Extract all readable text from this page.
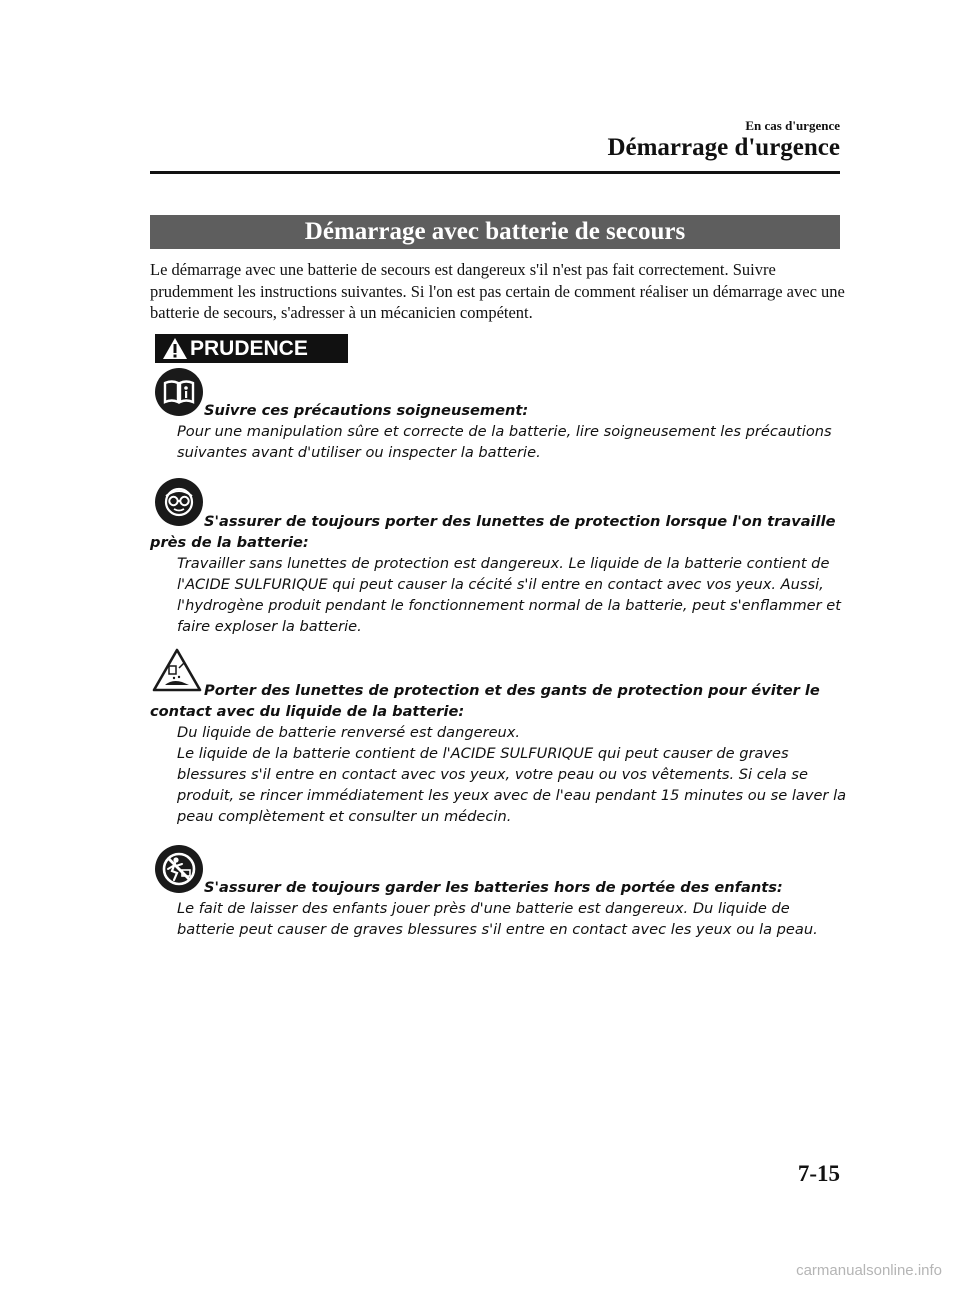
En cas d'urgence
Démarrage d'urgence
Démarrage avec batterie de secours
Le démarrage avec une batterie de secours est dangereux s'il n'est pas fait correctement. Suivre prudemment les instructions suivantes. Si l'on est pas certain de comment réaliser un démarrage avec une batterie de secours, s'adresser à un mécanicien compétent.
PRUDENCE
Suivre ces précautions soigneusement:
Pour une manipulation sûre et correcte de la batterie, lire soigneusement les précautions suivantes avant d'utiliser ou inspecter la batterie.
S'assurer de toujours porter des lunettes de protection lorsque l'on travaille près de la batterie:
Travailler sans lunettes de protection est dangereux. Le liquide de la batterie contient de l'ACIDE SULFURIQUE qui peut causer la cécité s'il entre en contact avec vos yeux. Aussi, l'hydrogène produit pendant le fonctionnement normal de la batterie, peut s'enflammer et faire exploser la batterie.
Porter des lunettes de protection et des gants de protection pour éviter le contact avec du liquide de la batterie:
Du liquide de batterie renversé est dangereux.
Le liquide de la batterie contient de l'ACIDE SULFURIQUE qui peut causer de graves blessures s'il entre en contact avec vos yeux, votre peau ou vos vêtements. Si cela se produit, se rincer immédiatement les yeux avec de l'eau pendant 15 minutes ou se laver la peau complètement et consulter un médecin.
S'assurer de toujours garder les batteries hors de portée des enfants:
Le fait de laisser des enfants jouer près d'une batterie est dangereux. Du liquide de batterie peut causer de graves blessures s'il entre en contact avec les yeux ou la peau.
7-15
carmanualsonline.info
